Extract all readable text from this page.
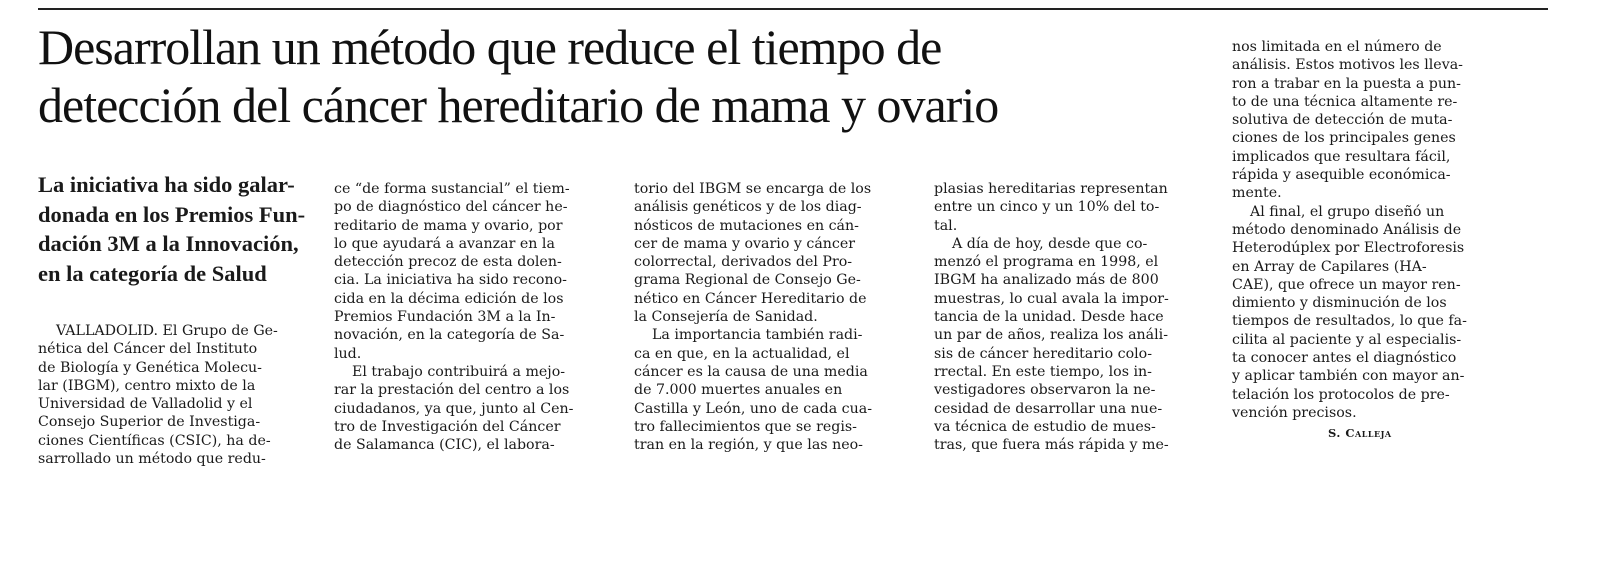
Desarrollan un método que reduce el tiempo de
detección del cáncer hereditario de mama y ovario
La iniciativa ha sido galar-
donada en los Premios Fun-
dación 3M a la Innovación,
en la categoría de Salud
VALLADOLID. El Grupo de Ge-
nética del Cáncer del Instituto
de Biología y Genética Molecu-
lar (IBGM), centro mixto de la
Universidad de Valladolid y el
Consejo Superior de Investiga-
ciones Científicas (CSIC), ha de-
sarrollado un método que redu-
ce “de forma sustancial” el tiem-
po de diagnóstico del cáncer he-
reditario de mama y ovario, por
lo que ayudará a avanzar en la
detección precoz de esta dolen-
cia. La iniciativa ha sido recono-
cida en la décima edición de los
Premios Fundación 3M a la In-
novación, en la categoría de Sa-
lud.
El trabajo contribuirá a mejo-
rar la prestación del centro a los
ciudadanos, ya que, junto al Cen-
tro de Investigación del Cáncer
de Salamanca (CIC), el labora-
torio del IBGM se encarga de los
análisis genéticos y de los diag-
nósticos de mutaciones en cán-
cer de mama y ovario y cáncer
colorrectal, derivados del Pro-
grama Regional de Consejo Ge-
nético en Cáncer Hereditario de
la Consejería de Sanidad.
La importancia también radi-
ca en que, en la actualidad, el
cáncer es la causa de una media
de 7.000 muertes anuales en
Castilla y León, uno de cada cua-
tro fallecimientos que se regis-
tran en la región, y que las neo-
plasias hereditarias representan
entre un cinco y un 10% del to-
tal.
A día de hoy, desde que co-
menzó el programa en 1998, el
IBGM ha analizado más de 800
muestras, lo cual avala la impor-
tancia de la unidad. Desde hace
un par de años, realiza los análi-
sis de cáncer hereditario colo-
rrectal. En este tiempo, los in-
vestigadores observaron la ne-
cesidad de desarrollar una nue-
va técnica de estudio de mues-
tras, que fuera más rápida y me-
nos limitada en el número de
análisis. Estos motivos les lleva-
ron a trabar en la puesta a pun-
to de una técnica altamente re-
solutiva de detección de muta-
ciones de los principales genes
implicados que resultara fácil,
rápida y asequible económica-
mente.
Al final, el grupo diseñó un
método denominado Análisis de
Heterodúplex por Electroforesis
en Array de Capilares (HA-
CAE), que ofrece un mayor ren-
dimiento y disminución de los
tiempos de resultados, lo que fa-
cilita al paciente y al especialis-
ta conocer antes el diagnóstico
y aplicar también con mayor an-
telación los protocolos de pre-
vención precisos.
S. Calleja
